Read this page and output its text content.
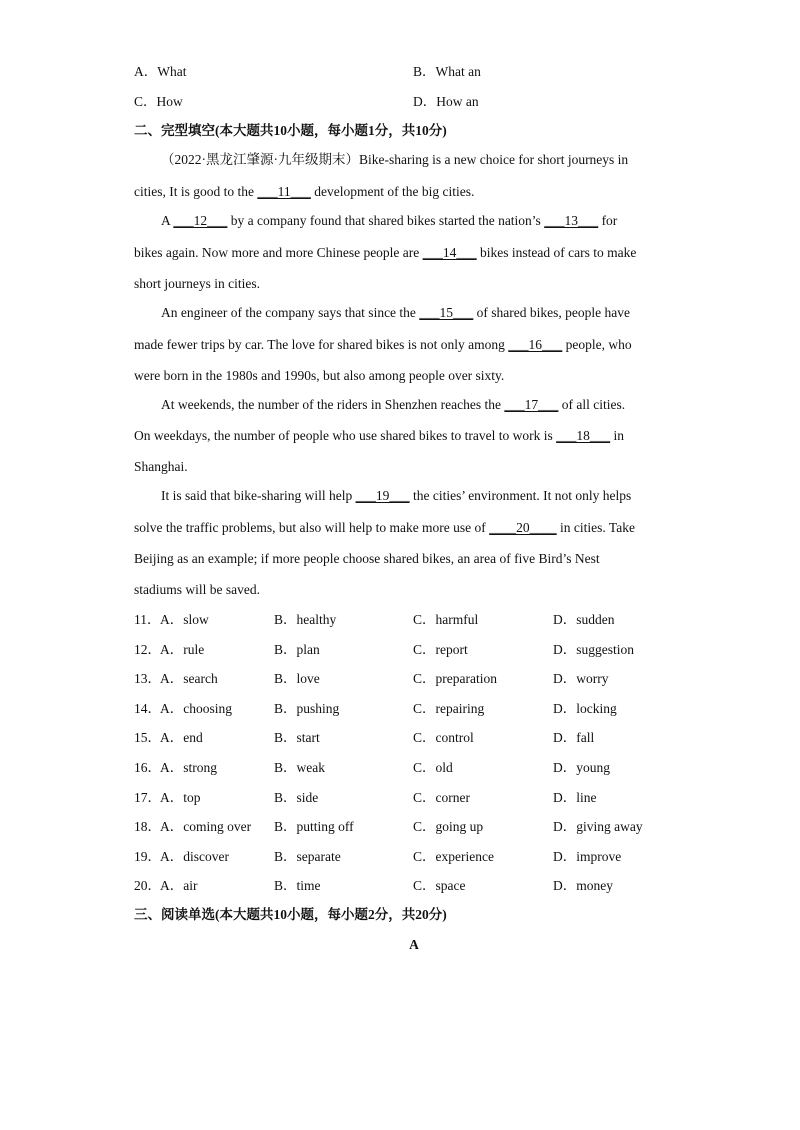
A．What	B．What an
C．How	D．How an
二、完型填空(本大题共10小题，每小题1分，共10分)
（2022·黑龙江肇源·九年级期末）Bike-sharing is a new choice for short journeys in
cities, It is good to the ___11___ development of the big cities.
A ___12___ by a company found that shared bikes started the nation’s ___13___ for
bikes again. Now more and more Chinese people are ___14___ bikes instead of cars to make
short journeys in cities.
An engineer of the company says that since the ___15___ of shared bikes, people have
made fewer trips by car. The love for shared bikes is not only among ___16___ people, who
were born in the 1980s and 1990s, but also among people over sixty.
At weekends, the number of the riders in Shenzhen reaches the ___17___ of all cities.
On weekdays, the number of people who use shared bikes to travel to work is ___18___ in
Shanghai.
It is said that bike-sharing will help ___19___ the cities’ environment. It not only helps
solve the traffic problems, but also will help to make more use of ____20____ in cities. Take
Beijing as an example; if more people choose shared bikes, an area of five Bird’s Nest
stadiums will be saved.
11． A．slow	B．healthy	C．harmful	D．sudden
12． A．rule	B．plan	C．report	D．suggestion
13． A．search	B．love	C．preparation	D．worry
14． A．choosing	B．pushing	C．repairing	D．locking
15． A．end	B．start	C．control	D．fall
16． A．strong	B．weak	C．old	D．young
17． A．top	B．side	C．corner	D．line
18． A．coming over B．putting off	C．going up	D．giving away
19． A．discover	B．separate	C．experience	D．improve
20． A．air	B．time	C．space	D．money
三、阅读单选(本大题共10小题，每小题2分，共20分)
A
